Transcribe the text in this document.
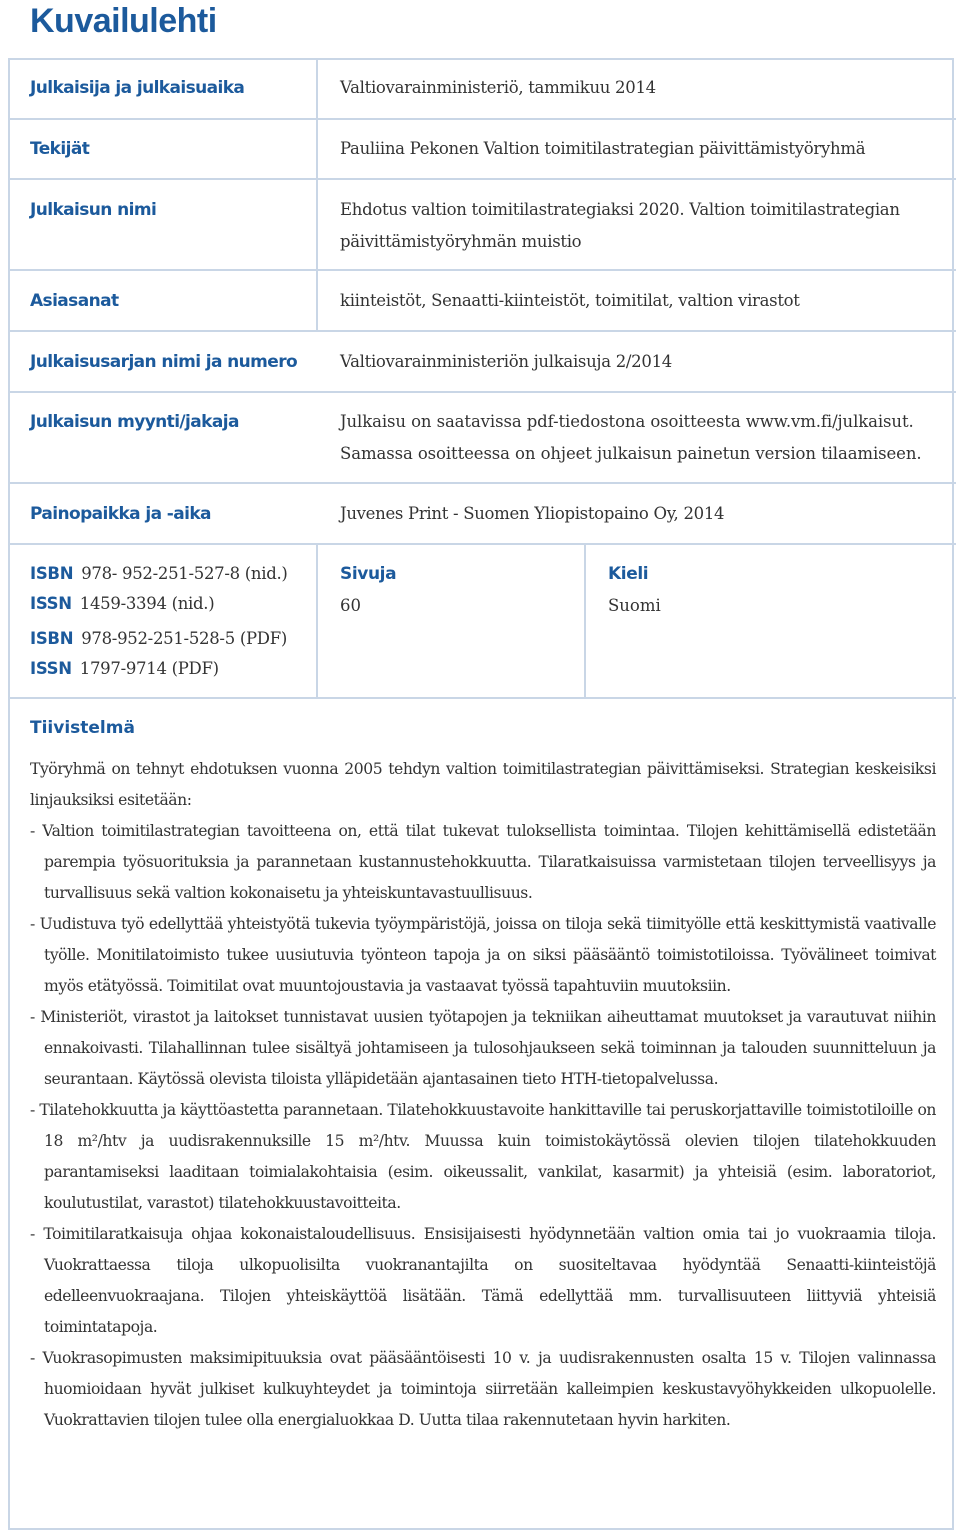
Kuvailulehti
Julkaisija ja julkaisuaika	Valtiovarainministeriö, tammikuu 2014
Tekijät	Pauliina Pekonen Valtion toimitilastrategian päivittämistyöryhmä
Julkaisun nimi	Ehdotus valtion toimitilastrategiaksi 2020. Valtion toimitilastrategian
päivittämistyöryhmän muistio
Asiasanat	kiinteistöt, Senaatti-kiinteistöt, toimitilat, valtion virastot
Julkaisusarjan nimi ja numero	Valtiovarainministeriön julkaisuja 2/2014
Julkaisun myynti/jakaja	Julkaisu on saatavissa pdf-tiedostona osoitteesta www.vm.fi/julkaisut.
Samassa osoitteessa on ohjeet julkaisun painetun version tilaamiseen.
Painopaikka ja -aika	Juvenes Print - Suomen Yliopistopaino Oy, 2014
ISBN 978- 952-251-527-8 (nid.)
ISSN 1459-3394 (nid.)
ISBN 978-952-251-528-5 (PDF)
ISSN 1797-9714 (PDF)
Sivuja
60
Kieli
Suomi
Tiivistelmä

Työryhmä on tehnyt ehdotuksen vuonna 2005 tehdyn valtion toimitilastrategian päivittämiseksi. Strategian keskeisiksi linjauksiksi esitetään:

- Valtion toimitilastrategian tavoitteena on, että tilat tukevat tuloksellista toimintaa. Tilojen kehittämisellä edistetään parempia työsuorituksia ja parannetaan kustannustehokkuutta. Tilaratkaisuissa varmistetaan tilojen terveellisyys ja turvallisuus sekä valtion kokonaisetu ja yhteiskuntavastuullisuus.

- Uudistuva työ edellyttää yhteistyötä tukevia työympäristöjä, joissa on tiloja sekä tiimityölle että keskittymistä vaativalle työlle. Monitilatoimisto tukee uusiutuvia työnteon tapoja ja on siksi pääsääntö toimistotiloissa. Työvälineet toimivat myös etätyössä. Toimitilat ovat muuntojoustavia ja vastaavat työssä tapahtuviin muutoksiin.

- Ministeriöt, virastot ja laitokset tunnistavat uusien työtapojen ja tekniikan aiheuttamat muutokset ja varautuvat niihin ennakoivasti. Tilahallinnan tulee sisältyä johtamiseen ja tulosohjaukseen sekä toiminnan ja talouden suunnitteluun ja seurantaan. Käytössä olevista tiloista ylläpidetään ajantasainen tieto HTH-tietopalvelussa.

- Tilatehokkuutta ja käyttöastetta parannetaan. Tilatehokkuustavoite hankittaville tai peruskorjattaville toimistotiloille on 18 m²/htv ja uudisrakennuksille 15 m²/htv. Muussa kuin toimistokäytössä olevien tilojen tilatehokkuuden parantamiseksi laaditaan toimialakohtaisia (esim. oikeussalit, vankilat, kasarmit) ja yhteisiä (esim. laboratoriot, koulutustilat, varastot) tilatehokkuustavoitteita.

- Toimitilaratkaisuja ohjaa kokonaistaloudellisuus. Ensisijaisesti hyödynnetään valtion omia tai jo vuokraamia tiloja. Vuokrattaessa tiloja ulkopuolisilta vuokranantajilta on suositeltavaa hyödyntää Senaatti-kiinteistöjä edelleenvuokraajana. Tilojen yhteiskäyttöä lisätään. Tämä edellyttää mm. turvallisuuteen liittyviä yhteisiä toimintatapoja.

- Vuokrasopimusten maksimipituuksia ovat pääsääntöisesti 10 v. ja uudisrakennusten osalta 15 v. Tilojen valinnassa huomioidaan hyvät julkiset kulkuyhteydet ja toimintoja siirretään kalleimpien keskustavyöhykkeiden ulkopuolelle. Vuokrattavien tilojen tulee olla energialuokkaa D. Uutta tilaa rakennutetaan hyvin harkiten.
